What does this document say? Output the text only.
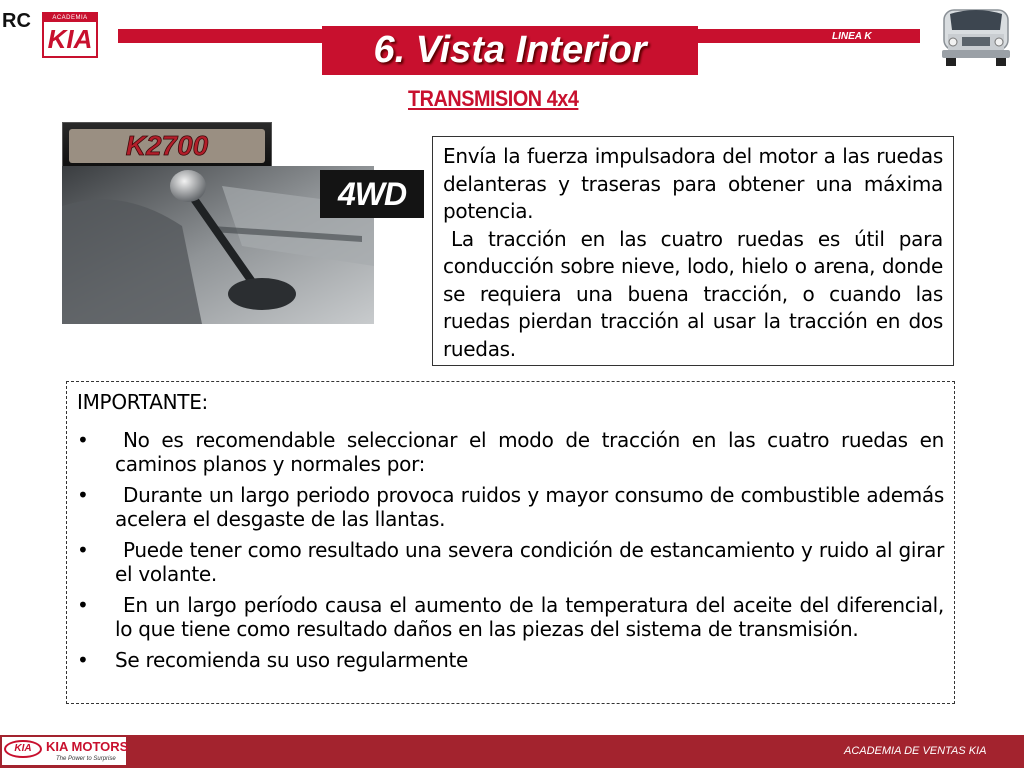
RC	ACADEMIA
KIA	LINEA K
6. Vista Interior
TRANSMISION 4x4
K2700
4WD

Envía la fuerza impulsadora del motor a las ruedas delanteras y traseras para obtener una máxima potencia.

La tracción en las cuatro ruedas es útil para conducción sobre nieve, lodo, hielo o arena, donde se requiera una buena tracción, o cuando las ruedas pierdan tracción al usar la tracción en dos ruedas.

IMPORTANTE:
•	No es recomendable seleccionar el modo de tracción en las cuatro ruedas en caminos planos y normales por:
•	Durante un largo periodo provoca ruidos y mayor consumo de combustible además acelera el desgaste de las llantas.
•	Puede tener como resultado una severa condición de estancamiento y ruido al girar el volante.
•	En un largo período causa el aumento de la temperatura del aceite del diferencial, lo que tiene como resultado daños en las piezas del sistema de transmisión.
• Se recomienda su uso regularmente
KIA	KIA MOTORS
The Power to Surprise
ACADEMIA DE VENTAS KIA
